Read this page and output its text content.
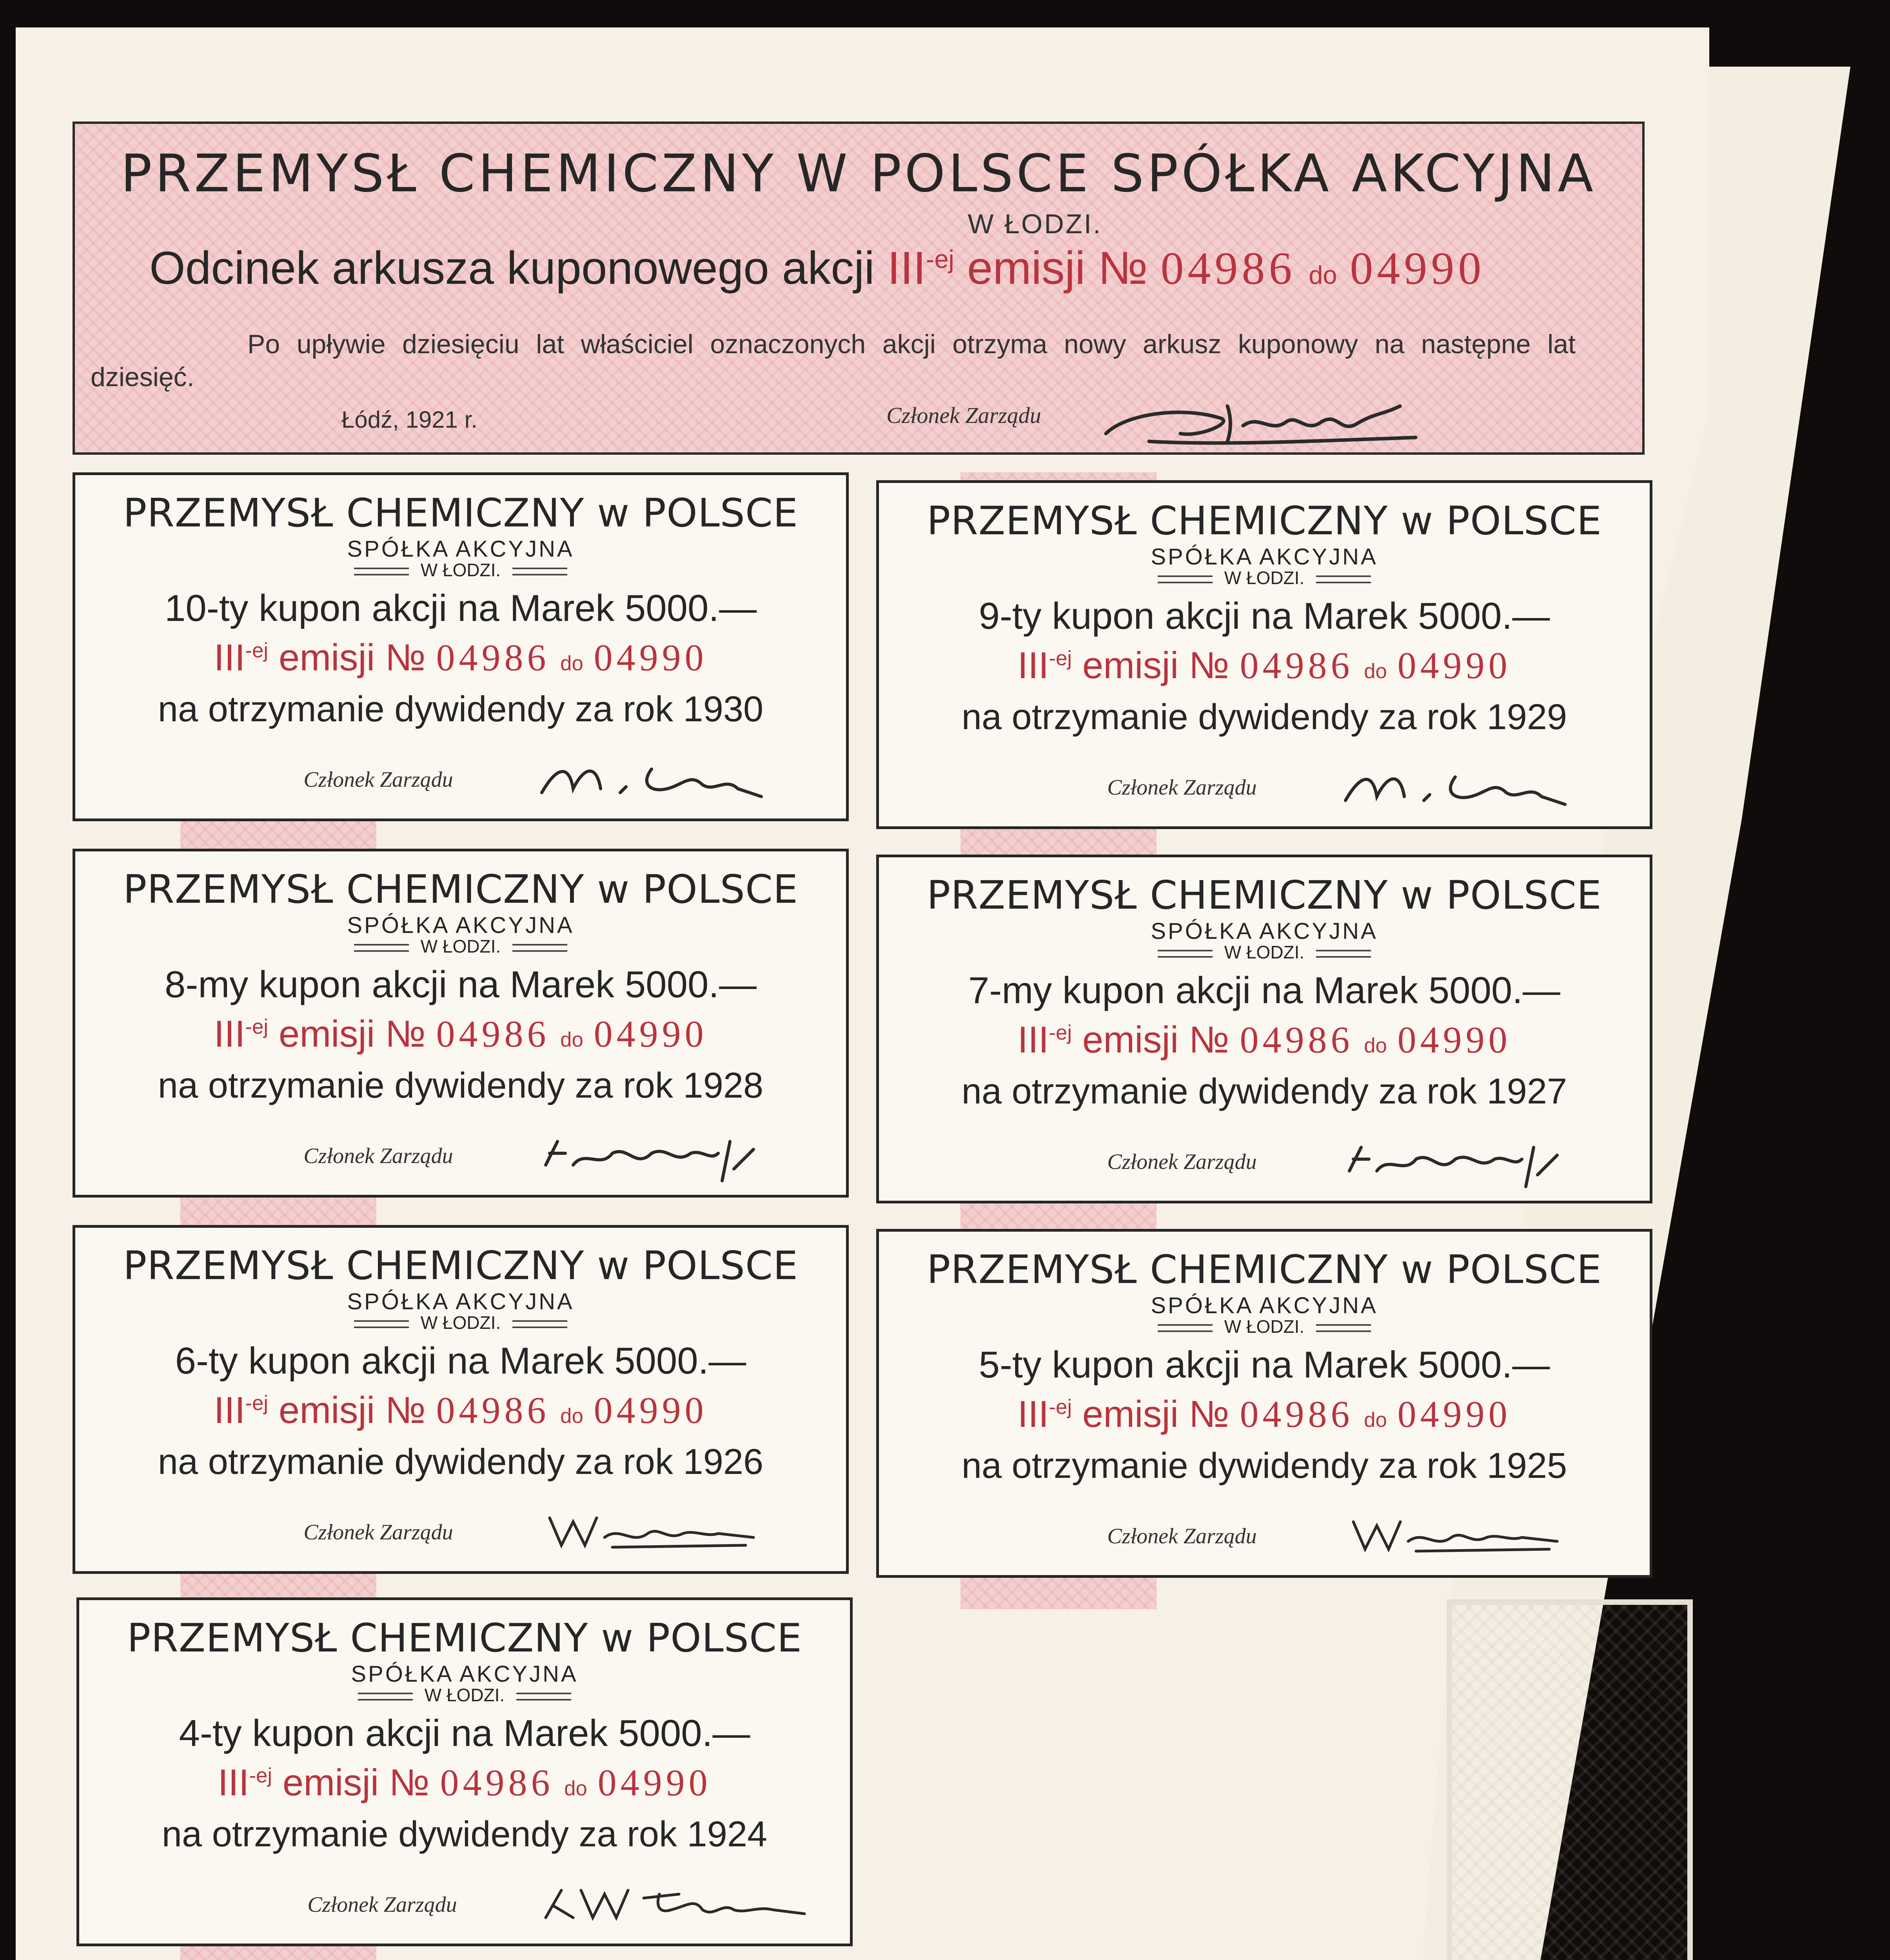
PRZEMYSŁ CHEMICZNY W POLSCE SPÓŁKA AKCYJNA
W ŁODZI.
Odcinek arkusza kuponowego akcji $III^{-ej}$ emisji № 04986 do 04990
Po upływie dziesięciu lat właściciel oznaczonych akcji otrzyma nowy arkusz kuponowy na następne lat dziesięć.
Łódź, 1921 r.	Członek Zarządu
PRZEMYSŁ CHEMICZNY w POLSCE
SPÓŁKA AKCYJNA
W ŁODZI.
10-ty kupon akcji na Marek 5000.—
$III^{-ej}$ emisji № 04986 do 04990
na otrzymanie dywidendy za rok 1930
Członek Zarządu
PRZEMYSŁ CHEMICZNY w POLSCE
SPÓŁKA AKCYJNA
W ŁODZI.
9-ty kupon akcji na Marek 5000.—
$III^{-ej}$ emisji № 04986 do 04990
na otrzymanie dywidendy za rok 1929
Członek Zarządu
PRZEMYSŁ CHEMICZNY w POLSCE
SPÓŁKA AKCYJNA
W ŁODZI.
8-my kupon akcji na Marek 5000.—
$III^{-ej}$ emisji № 04986 do 04990
na otrzymanie dywidendy za rok 1928
Członek Zarządu
PRZEMYSŁ CHEMICZNY w POLSCE
SPÓŁKA AKCYJNA
W ŁODZI.
7-my kupon akcji na Marek 5000.—
$III^{-ej}$ emisji № 04986 do 04990
na otrzymanie dywidendy za rok 1927
Członek Zarządu
PRZEMYSŁ CHEMICZNY w POLSCE
SPÓŁKA AKCYJNA
W ŁODZI.
6-ty kupon akcji na Marek 5000.—
$III^{-ej}$ emisji № 04986 do 04990
na otrzymanie dywidendy za rok 1926
Członek Zarządu
PRZEMYSŁ CHEMICZNY w POLSCE
SPÓŁKA AKCYJNA
W ŁODZI.
5-ty kupon akcji na Marek 5000.—
$III^{-ej}$ emisji № 04986 do 04990
na otrzymanie dywidendy za rok 1925
Członek Zarządu
PRZEMYSŁ CHEMICZNY w POLSCE
SPÓŁKA AKCYJNA
W ŁODZI.
4-ty kupon akcji na Marek 5000.—
$III^{-ej}$ emisji № 04986 do 04990
na otrzymanie dywidendy za rok 1924
Członek Zarządu
